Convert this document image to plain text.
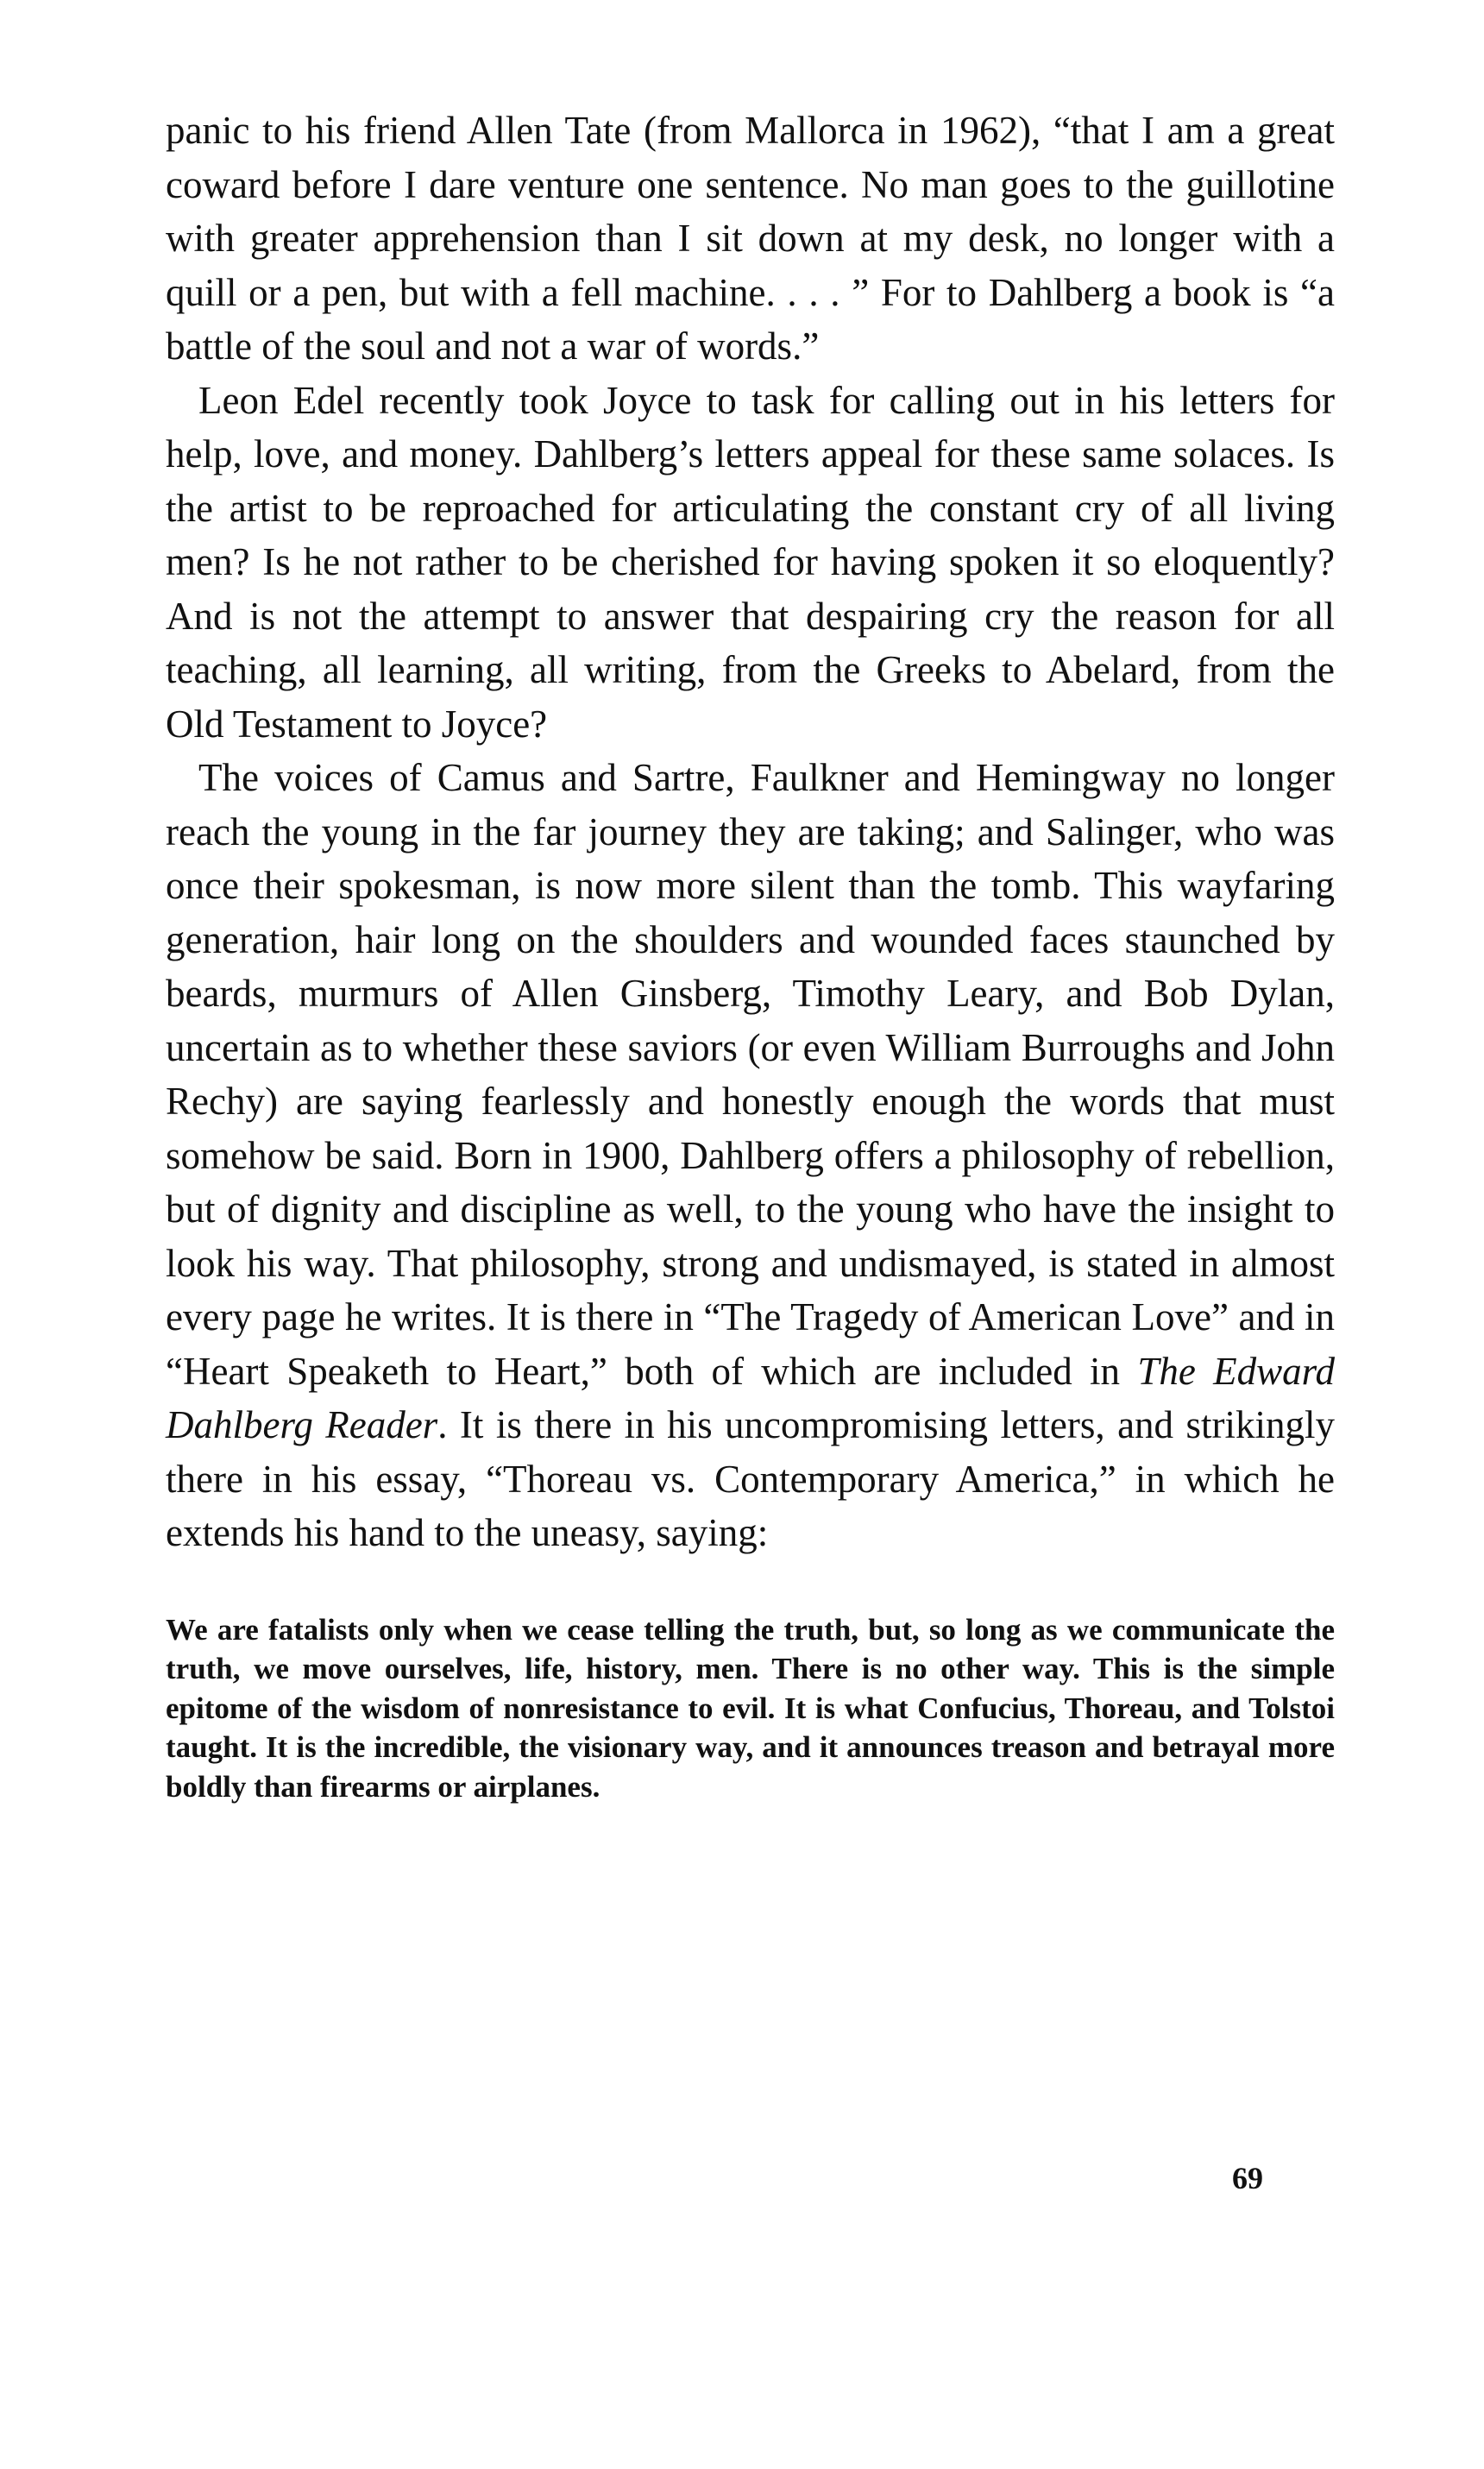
panic to his friend Allen Tate (from Mallorca in 1962), “that I am a great coward before I dare venture one sentence. No man goes to the guillotine with greater apprehension than I sit down at my desk, no longer with a quill or a pen, but with a fell machine. . . . ” For to Dahlberg a book is “a battle of the soul and not a war of words.”

Leon Edel recently took Joyce to task for calling out in his letters for help, love, and money. Dahlberg’s letters appeal for these same solaces. Is the artist to be reproached for articulating the constant cry of all living men? Is he not rather to be cherished for having spoken it so eloquently? And is not the attempt to answer that despairing cry the reason for all teaching, all learning, all writing, from the Greeks to Abelard, from the Old Testament to Joyce?

The voices of Camus and Sartre, Faulkner and Hemingway no longer reach the young in the far journey they are taking; and Salinger, who was once their spokesman, is now more silent than the tomb. This wayfaring generation, hair long on the shoulders and wounded faces staunched by beards, murmurs of Allen Ginsberg, Timothy Leary, and Bob Dylan, uncertain as to whether these saviors (or even William Burroughs and John Rechy) are saying fearlessly and honestly enough the words that must somehow be said. Born in 1900, Dahlberg offers a philosophy of rebellion, but of dignity and discipline as well, to the young who have the insight to look his way. That philosophy, strong and undismayed, is stated in almost every page he writes. It is there in “The Tragedy of American Love” and in “Heart Speaketh to Heart,” both of which are included in The Edward Dahlberg Reader. It is there in his uncompromising letters, and strikingly there in his essay, “Thoreau vs. Contemporary America,” in which he extends his hand to the uneasy, saying:

We are fatalists only when we cease telling the truth, but, so long as we communicate the truth, we move ourselves, life, history, men. There is no other way. This is the simple epitome of the wisdom of nonresistance to evil. It is what Confucius, Thoreau, and Tolstoi taught. It is the incredible, the visionary way, and it announces treason and betrayal more boldly than firearms or airplanes.

69
